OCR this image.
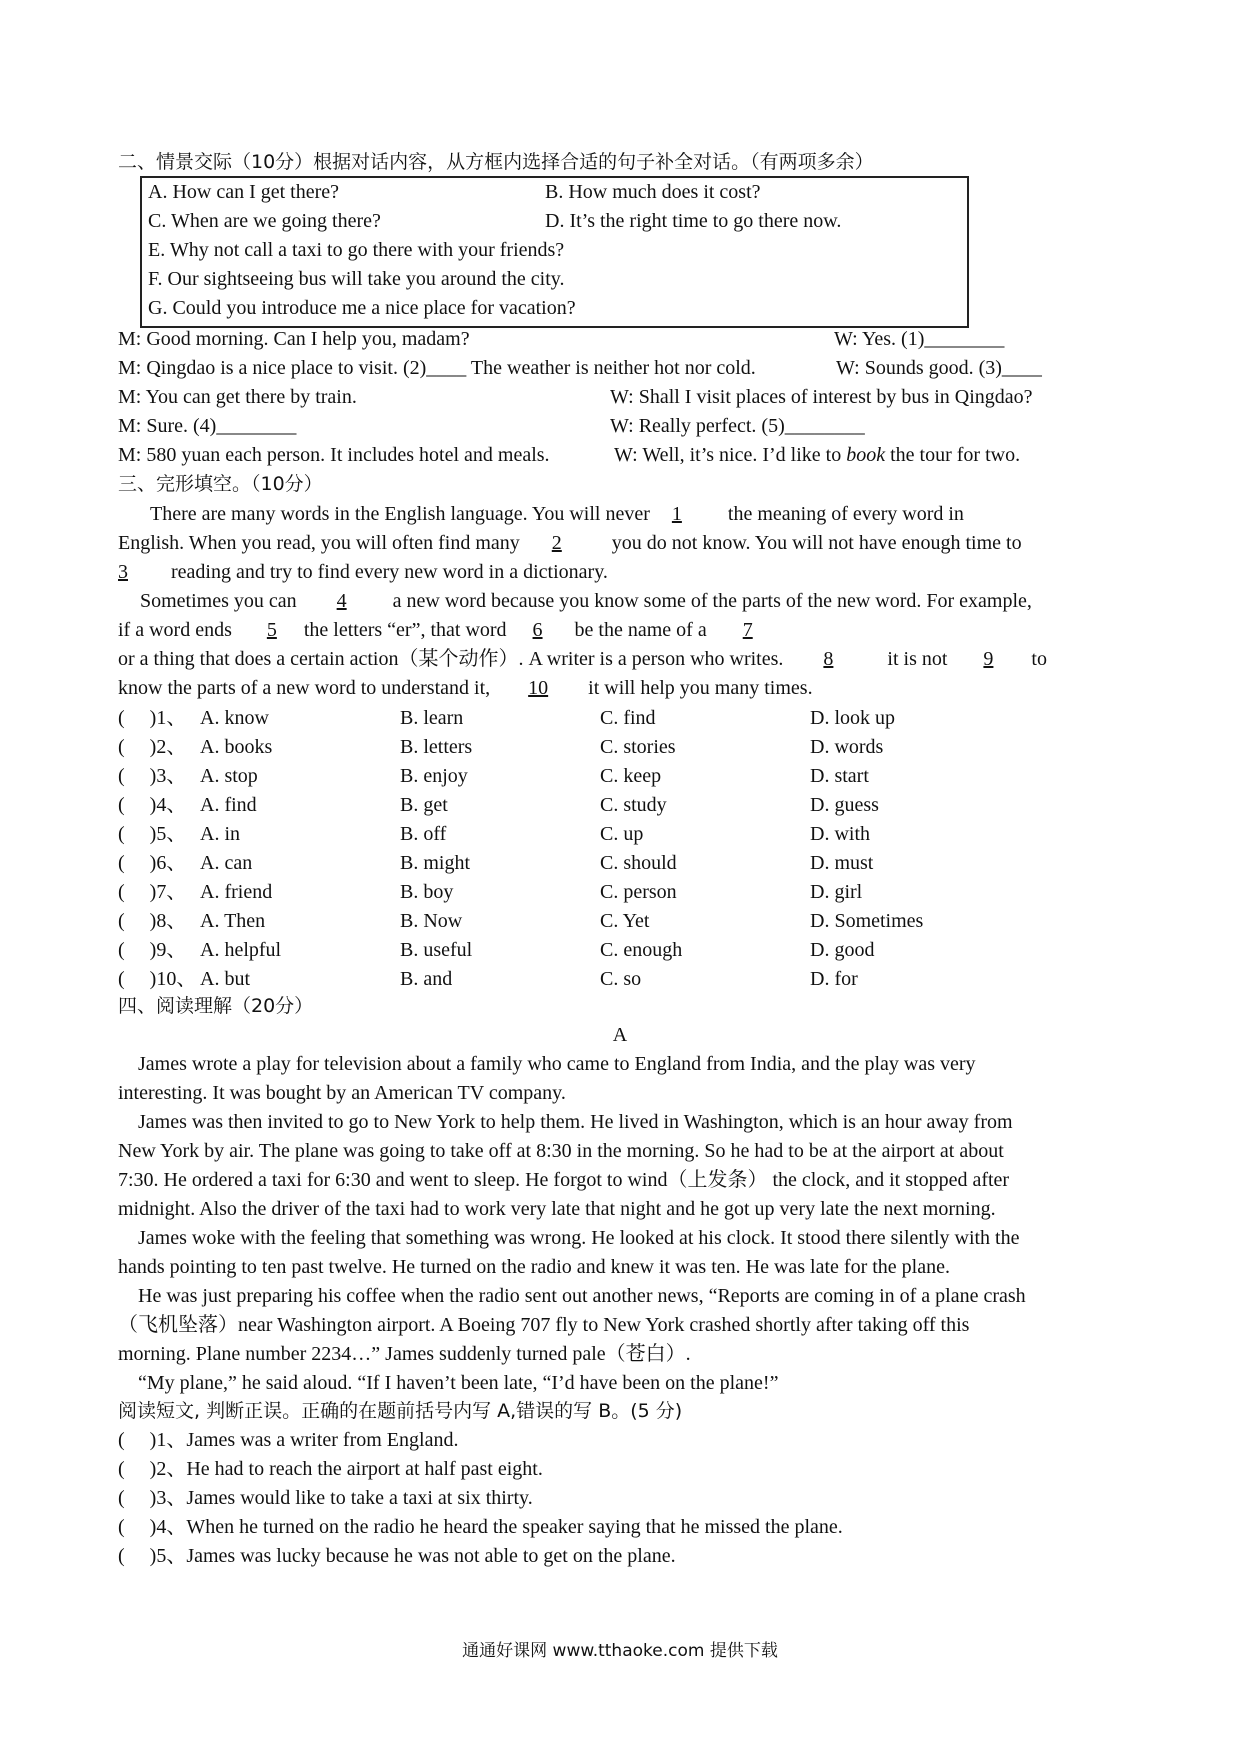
二、情景交际（10分）根据对话内容，从方框内选择合适的句子补全对话。（有两项多余）
A. How can I get there?	B. How much does it cost?
C. When are we going there?	D. It’s the right time to go there now.
E. Why not call a taxi to go there with your friends?
F. Our sightseeing bus will take you around the city.
G. Could you introduce me a nice place for vacation?
M: Good morning. Can I help you, madam?	W: Yes. (1)________
M: Qingdao is a nice place to visit. (2)____ The weather is neither hot nor cold.	W: Sounds good. (3)____
M: You can get there by train.	W: Shall I visit places of interest by bus in Qingdao?
M: Sure. (4)________	W: Really perfect. (5)________
M: 580 yuan each person. It includes hotel and meals.	W: Well, it’s nice. I’d like to book the tour for two.
三、完形填空。（10分）
There are many words in the English language. You will never 1 the meaning of every word in
English. When you read, you will often find many 2	you do not know. You will not have enough time to
3 reading and try to find every new word in a dictionary.
Sometimes you can 4 a new word because you know some of the parts of the new word. For example,
if a word ends 5 the letters “er”, that word 6 be the name of a 7
or a thing that does a certain action（某个动作）. A writer is a person who writes. 8	it is not 9 to
know the parts of a new word to understand it, 10 it will help you many times.
(　 )1、 A. know	B. learn	C. find	D. look up
(　 )2、 A. books	B. letters	C. stories	D. words
(　 )3、 A. stop	B. enjoy	C. keep	D. start
(　 )4、 A. find	B. get	C. study	D. guess
(　 )5、 A. in	B. off	C. up	D. with
(　 )6、 A. can	B. might	C. should	D. must
(　 )7、 A. friend	B. boy	C. person	D. girl
(　 )8、 A. Then	B. Now	C. Yet	D. Sometimes
(　 )9、 A. helpful	B. useful	C. enough	D. good
(　 )10、 A. but	B. and	C. so	D. for
四、阅读理解（20分）
A
James wrote a play for television about a family who came to England from India, and the play was very
interesting. It was bought by an American TV company.
James was then invited to go to New York to help them. He lived in Washington, which is an hour away from
New York by air. The plane was going to take off at 8:30 in the morning. So he had to be at the airport at about
7:30. He ordered a taxi for 6:30 and went to sleep. He forgot to wind（上发条） the clock, and it stopped after
midnight. Also the driver of the taxi had to work very late that night and he got up very late the next morning.
James woke with the feeling that something was wrong. He looked at his clock. It stood there silently with the
hands pointing to ten past twelve. He turned on the radio and knew it was ten. He was late for the plane.
He was just preparing his coffee when the radio sent out another news, “Reports are coming in of a plane crash
（飞机坠落）near Washington airport. A Boeing 707 fly to New York crashed shortly after taking off this
morning. Plane number 2234…” James suddenly turned pale（苍白）.
“My plane,” he said aloud. “If I haven’t been late, “I’d have been on the plane!”
阅读短文, 判断正误。正确的在题前括号内写 A,错误的写 B。(5 分)
(　 )1、James was a writer from England.
(　 )2、He had to reach the airport at half past eight.
(　 )3、James would like to take a taxi at six thirty.
(　 )4、When he turned on the radio he heard the speaker saying that he missed the plane.
(　 )5、James was lucky because he was not able to get on the plane.
通通好课网 www.tthaoke.com 提供下载
